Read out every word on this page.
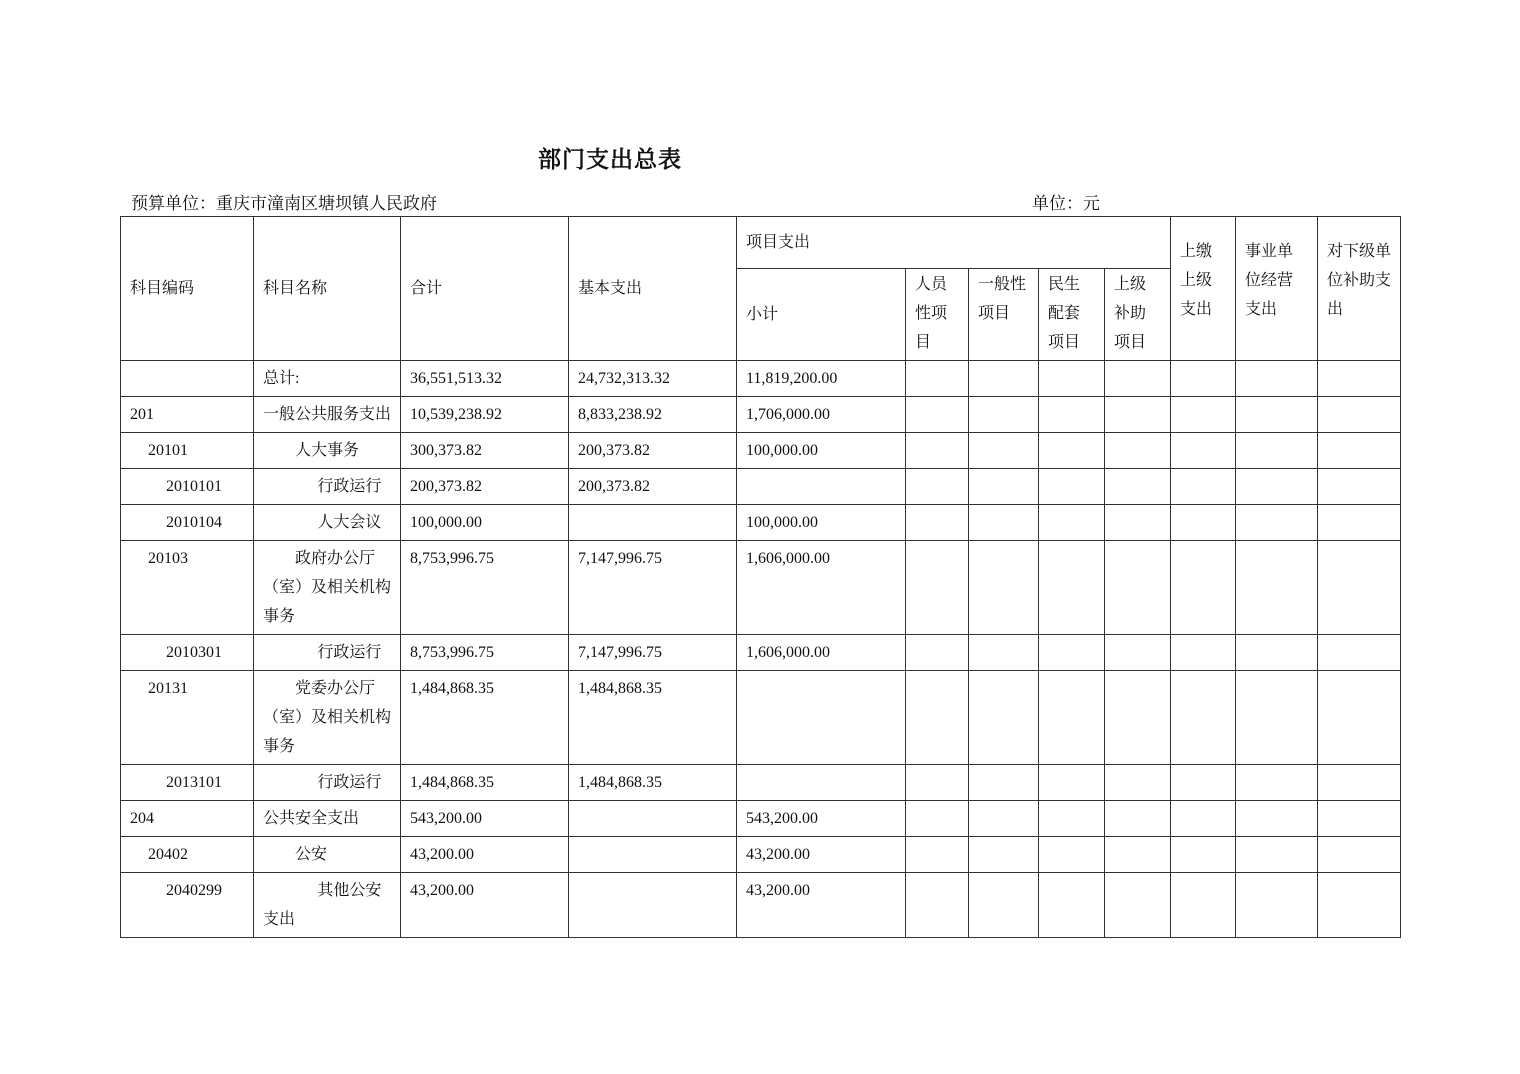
部门支出总表
预算单位：重庆市潼南区塘坝镇人民政府	单位：元
科目编码	科目名称	合计	基本支出	项目支出					上缴上级支出	事业单位经营支出	对下级单位补助支出
				小计	人员性项目	一般性项目	民生配套项目	上级补助项目			
	总计:	36,551,513.32	24,732,313.32	11,819,200.00							
201	一般公共服务支出	10,539,238.92	8,833,238.92	1,706,000.00							
20101	人大事务	300,373.82	200,373.82	100,000.00							
2010101	行政运行	200,373.82	200,373.82								
2010104	人大会议	100,000.00		100,000.00							
20103	政府办公厅（室）及相关机构事务	8,753,996.75	7,147,996.75	1,606,000.00							
2010301	行政运行	8,753,996.75	7,147,996.75	1,606,000.00							
20131	党委办公厅（室）及相关机构事务	1,484,868.35	1,484,868.35								
2013101	行政运行	1,484,868.35	1,484,868.35								
204	公共安全支出	543,200.00		543,200.00							
20402	公安	43,200.00		43,200.00							
2040299	其他公安支出	43,200.00		43,200.00							
